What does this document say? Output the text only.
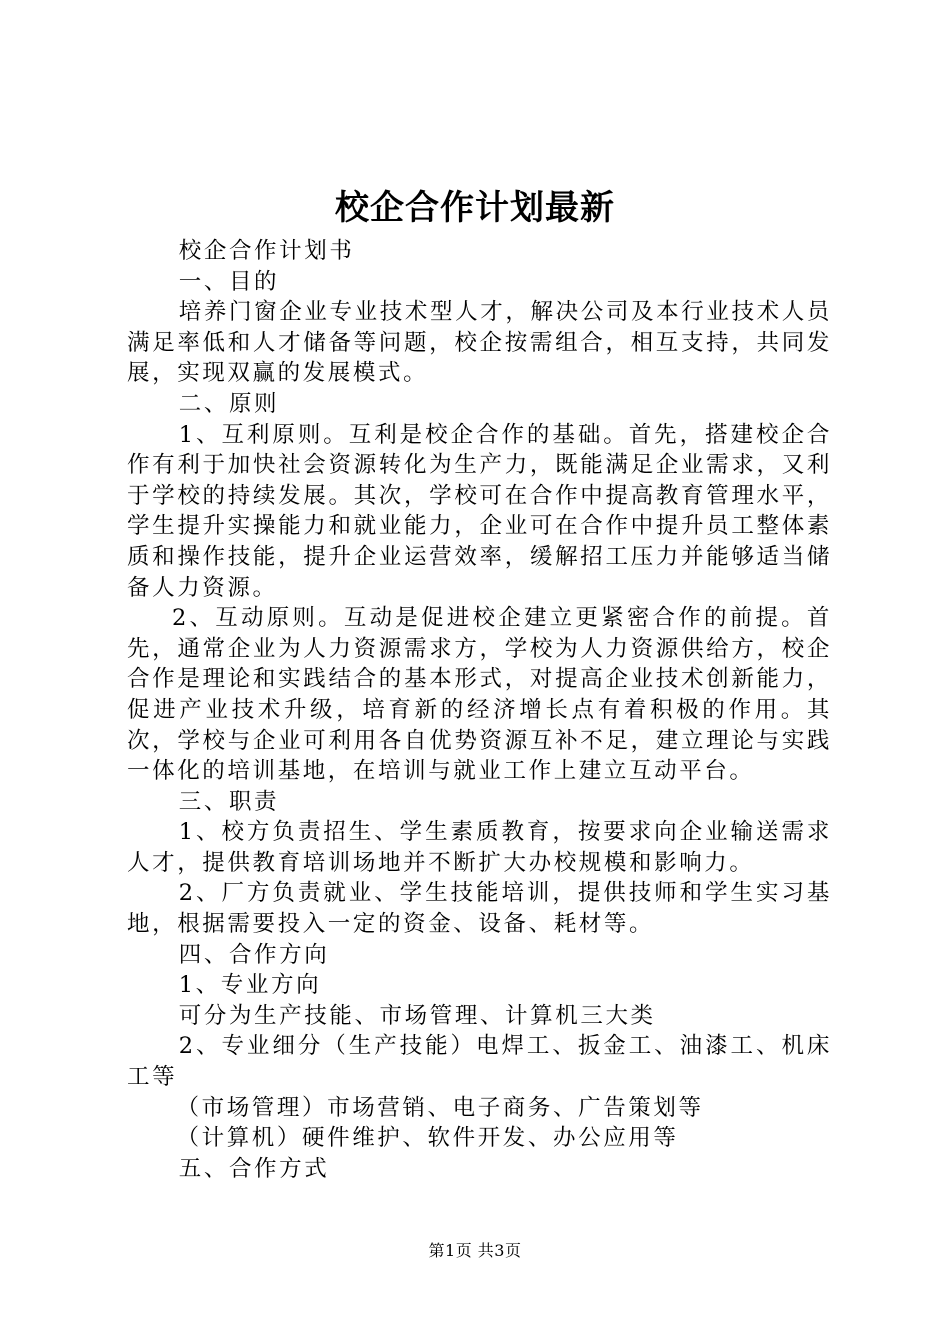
校企合作计划最新

校企合作计划书

一、目的

培养门窗企业专业技术型人才，解决公司及本行业技术人员满足率低和人才储备等问题，校企按需组合，相互支持，共同发展，实现双赢的发展模式。

二、原则

1、互利原则。互利是校企合作的基础。首先，搭建校企合作有利于加快社会资源转化为生产力，既能满足企业需求，又利于学校的持续发展。其次，学校可在合作中提高教育管理水平，学生提升实操能力和就业能力，企业可在合作中提升员工整体素质和操作技能，提升企业运营效率，缓解招工压力并能够适当储备人力资源。

2、互动原则。互动是促进校企建立更紧密合作的前提。首先，通常企业为人力资源需求方，学校为人力资源供给方，校企合作是理论和实践结合的基本形式，对提高企业技术创新能力，促进产业技术升级，培育新的经济增长点有着积极的作用。其次，学校与企业可利用各自优势资源互补不足，建立理论与实践一体化的培训基地，在培训与就业工作上建立互动平台。

三、职责

1、校方负责招生、学生素质教育，按要求向企业输送需求人才，提供教育培训场地并不断扩大办校规模和影响力。

2、厂方负责就业、学生技能培训，提供技师和学生实习基地，根据需要投入一定的资金、设备、耗材等。

四、合作方向

1、专业方向

可分为生产技能、市场管理、计算机三大类

2、专业细分（生产技能）电焊工、扳金工、油漆工、机床工等

（市场管理）市场营销、电子商务、广告策划等

（计算机）硬件维护、软件开发、办公应用等

五、合作方式

第1页 共3页
